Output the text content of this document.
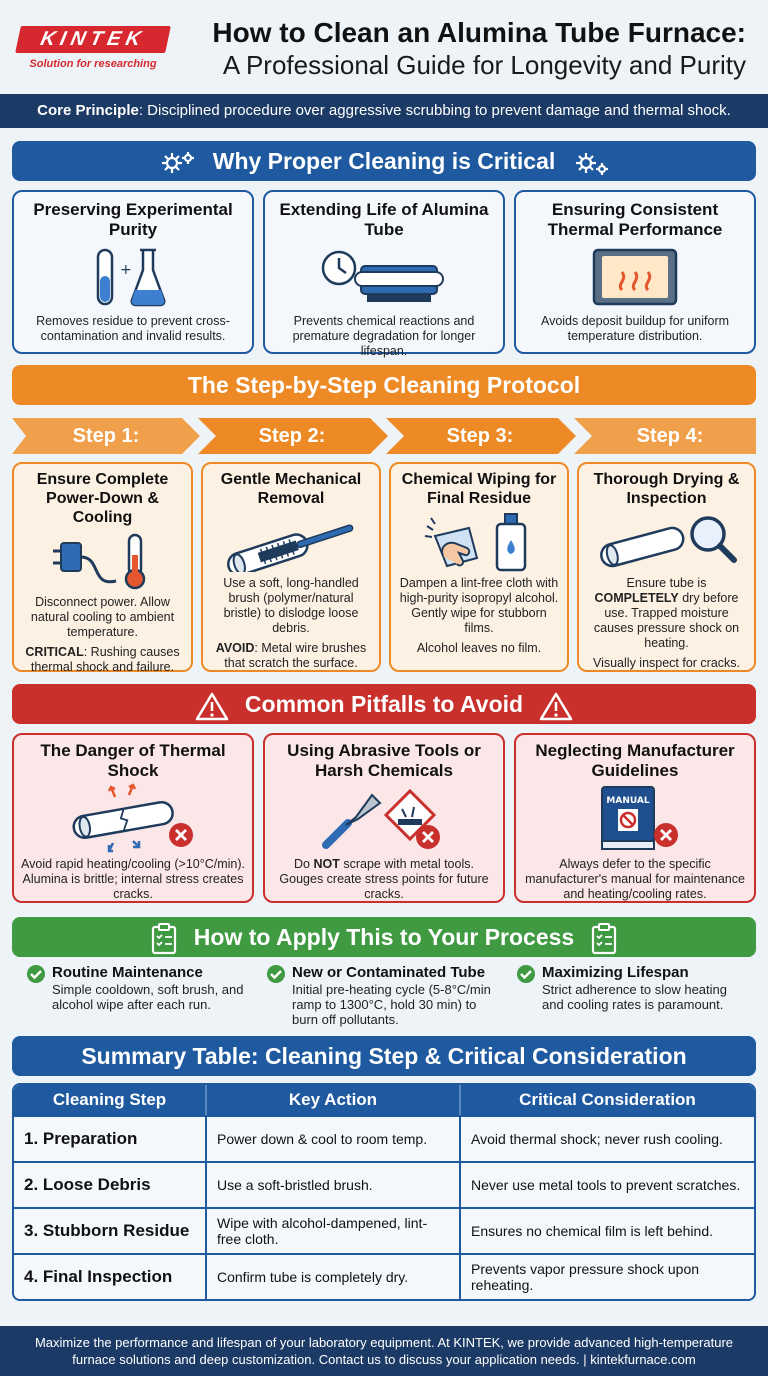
KINTEK
Solution for researching
How to Clean an Alumina Tube Furnace:
A Professional Guide for Longevity and Purity
Core Principle: Disciplined procedure over aggressive scrubbing to prevent damage and thermal shock.
Why Proper Cleaning is Critical
Preserving Experimental Purity
+
Removes residue to prevent cross-contamination and invalid results.
Extending Life of Alumina Tube
Prevents chemical reactions and premature degradation for longer lifespan.
Ensuring Consistent Thermal Performance
Avoids deposit buildup for uniform temperature distribution.
The Step-by-Step Cleaning Protocol
Step 1:	Step 2:	Step 3:	Step 4:
Ensure Complete Power-Down & Cooling
Disconnect power. Allow natural cooling to ambient temperature.
CRITICAL: Rushing causes thermal shock and failure.
Gentle Mechanical Removal
Use a soft, long-handled brush (polymer/natural bristle) to dislodge loose debris.
AVOID: Metal wire brushes that scratch the surface.
Chemical Wiping for Final Residue
Dampen a lint-free cloth with high-purity isopropyl alcohol. Gently wipe for stubborn films.
Alcohol leaves no film.
Thorough Drying & Inspection
Ensure tube is COMPLETELY dry before use. Trapped moisture causes pressure shock on heating.
Visually inspect for cracks.
Common Pitfalls to Avoid
The Danger of Thermal Shock
Avoid rapid heating/cooling (>10°C/min). Alumina is brittle; internal stress creates cracks.
Using Abrasive Tools or Harsh Chemicals
Do NOT scrape with metal tools. Gouges create stress points for future cracks.
Neglecting Manufacturer Guidelines
MANUAL
Always defer to the specific manufacturer's manual for maintenance and heating/cooling rates.
How to Apply This to Your Process
Routine Maintenance
Simple cooldown, soft brush, and alcohol wipe after each run.
New or Contaminated Tube
Initial pre-heating cycle (5-8°C/min ramp to 1300°C, hold 30 min) to burn off pollutants.
Maximizing Lifespan
Strict adherence to slow heating and cooling rates is paramount.
Summary Table: Cleaning Step & Critical Consideration
Cleaning Step	Key Action	Critical Consideration
1. Preparation	Power down & cool to room temp.	Avoid thermal shock; never rush cooling.
2. Loose Debris	Use a soft-bristled brush.	Never use metal tools to prevent scratches.
3. Stubborn Residue	Wipe with alcohol-dampened, lint-free cloth.	Ensures no chemical film is left behind.
4. Final Inspection	Confirm tube is completely dry.	Prevents vapor pressure shock upon reheating.
Maximize the performance and lifespan of your laboratory equipment. At KINTEK, we provide advanced high-temperature furnace solutions and deep customization. Contact us to discuss your application needs. | kintekfurnace.com
